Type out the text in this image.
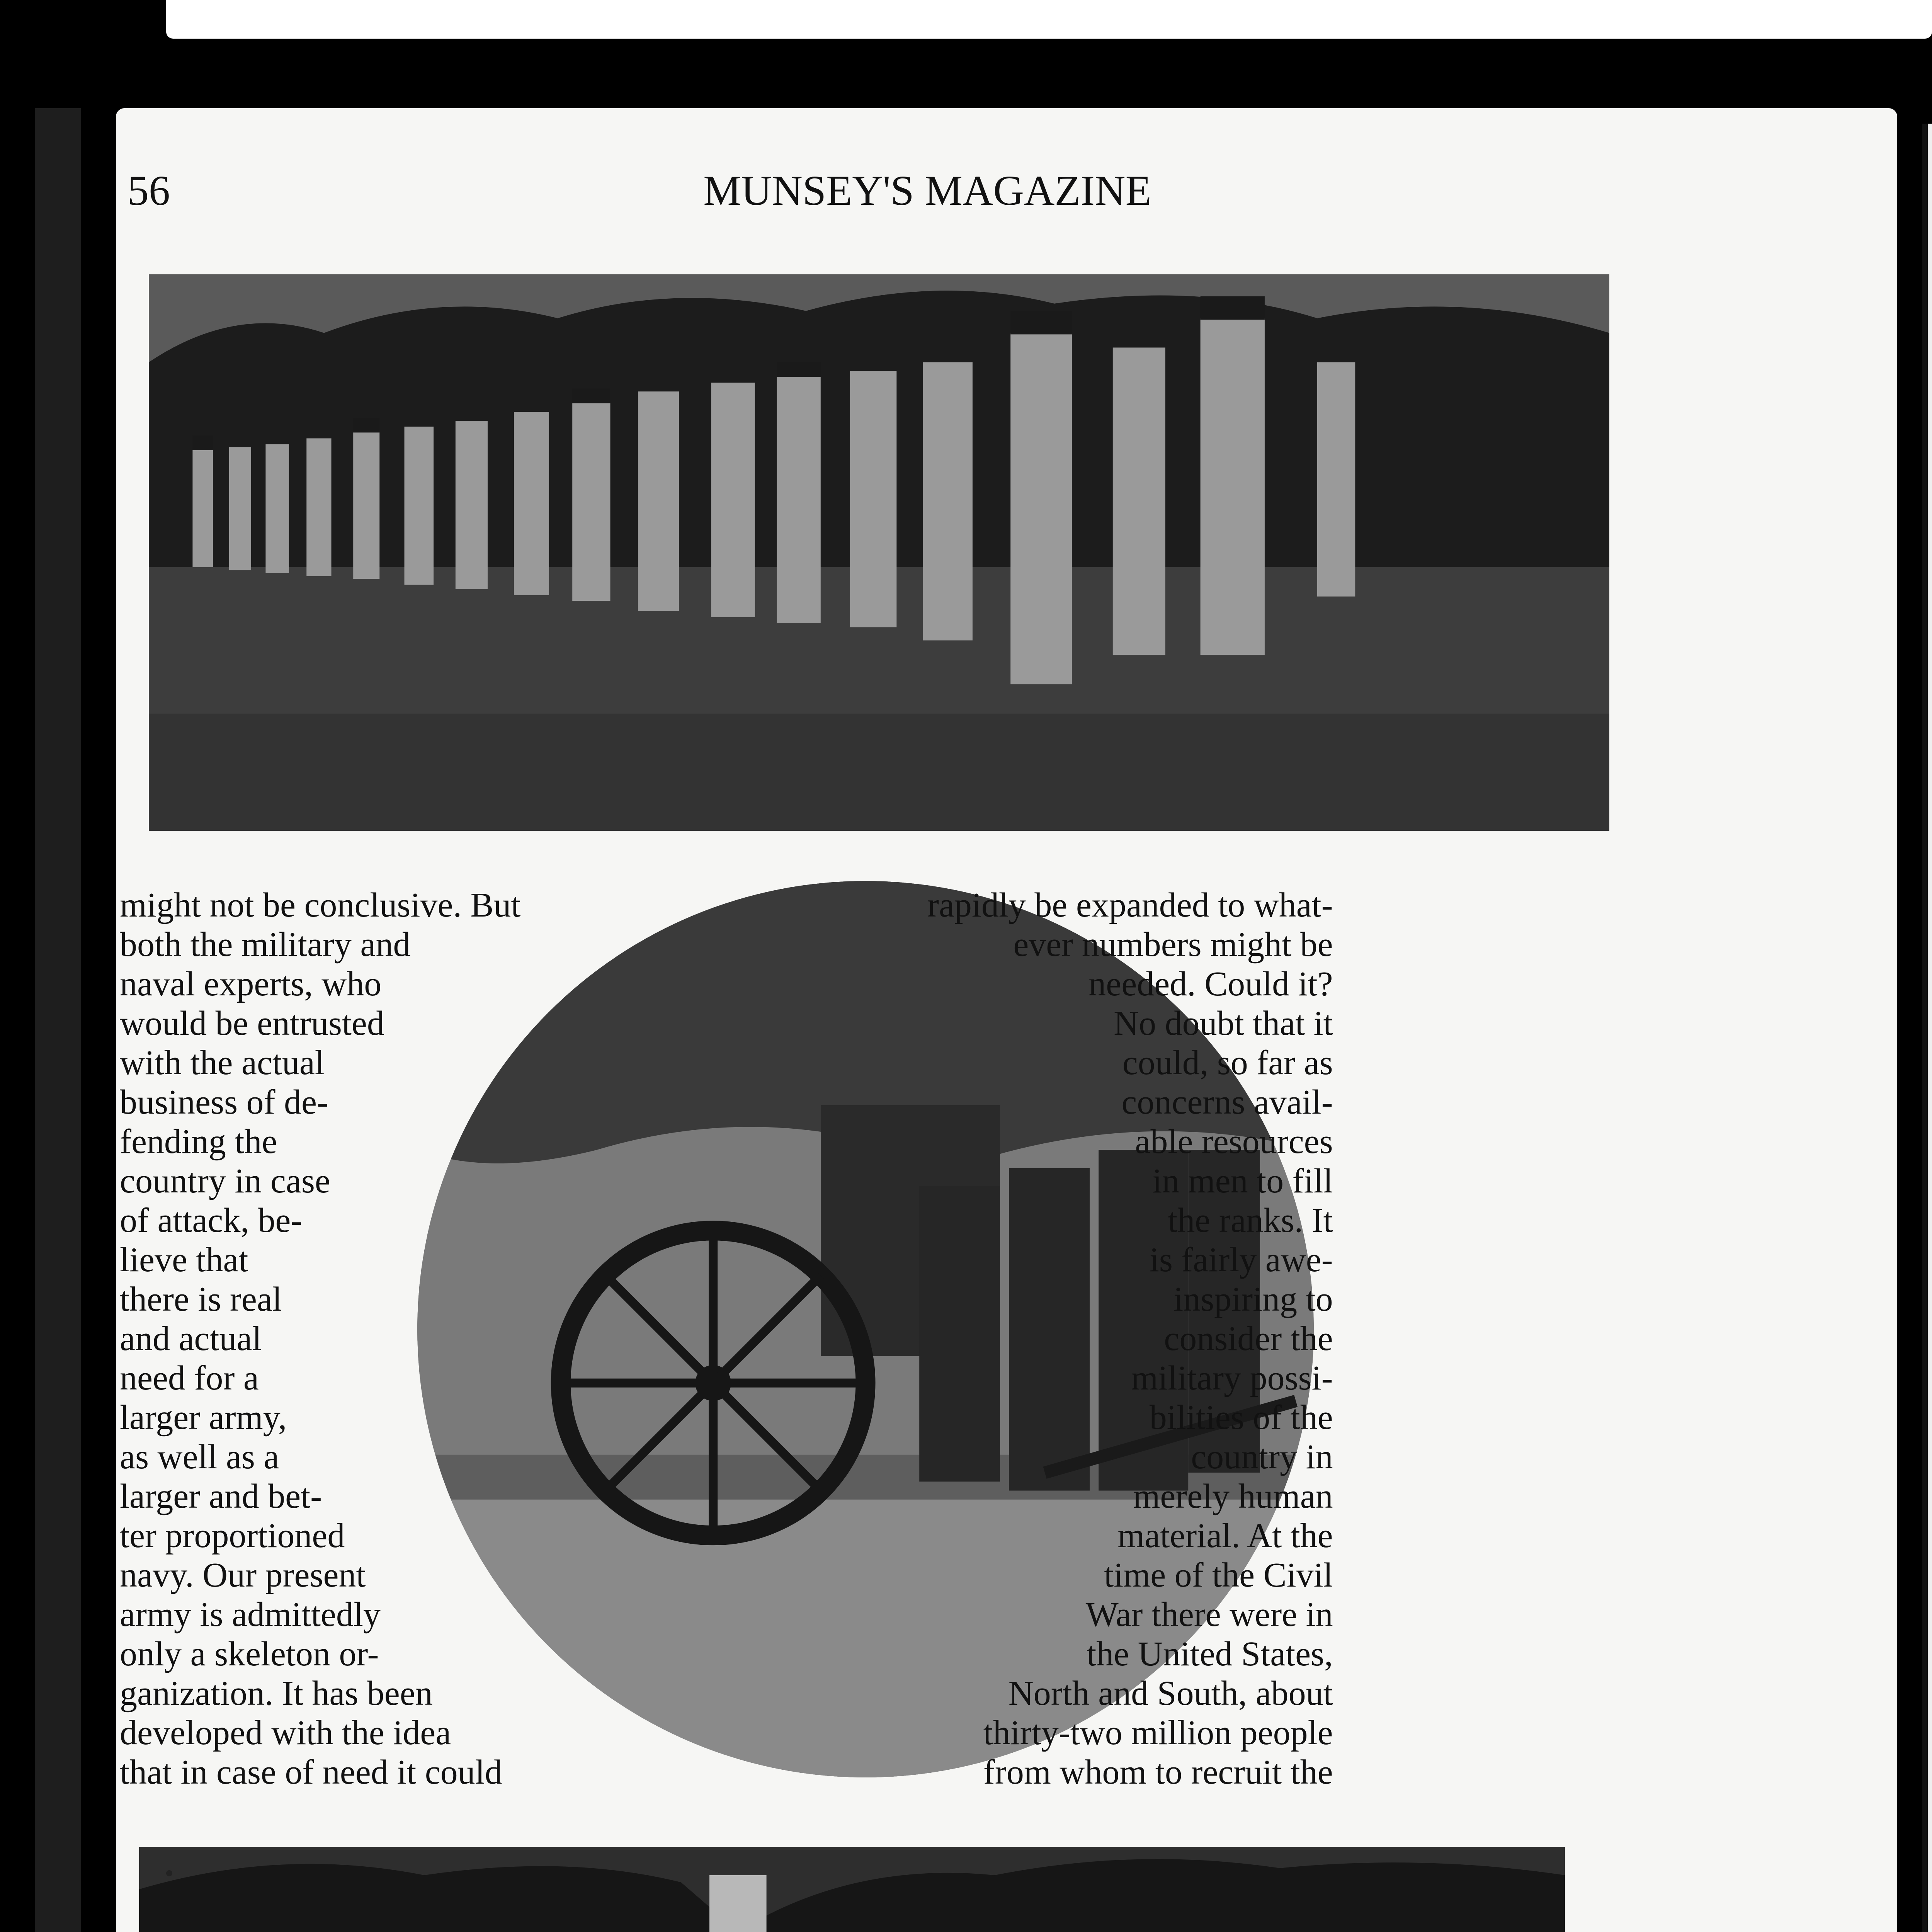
56	MUNSEY'S MAGAZINE

might not be conclusive. But
both the military and
naval experts, who
would be entrusted
with the actual
business of de-
fending the
country in case
of attack, be-
lieve that
there is real
and actual
need for a
larger army,
as well as a
larger and bet-
ter proportioned
navy. Our present
army is admittedly
only a skeleton or-
ganization. It has been
developed with the idea
that in case of need it could

rapidly be expanded to what-
ever numbers might be
needed. Could it?
No doubt that it
could, so far as
concerns avail-
able resources
in men to fill
the ranks. It
is fairly awe-
inspiring to
consider the
military possi-
bilities of the
country in
merely human
material. At the
time of the Civil
War there were in
the United States,
North and South, about
thirty-two million people
from whom to recruit the
